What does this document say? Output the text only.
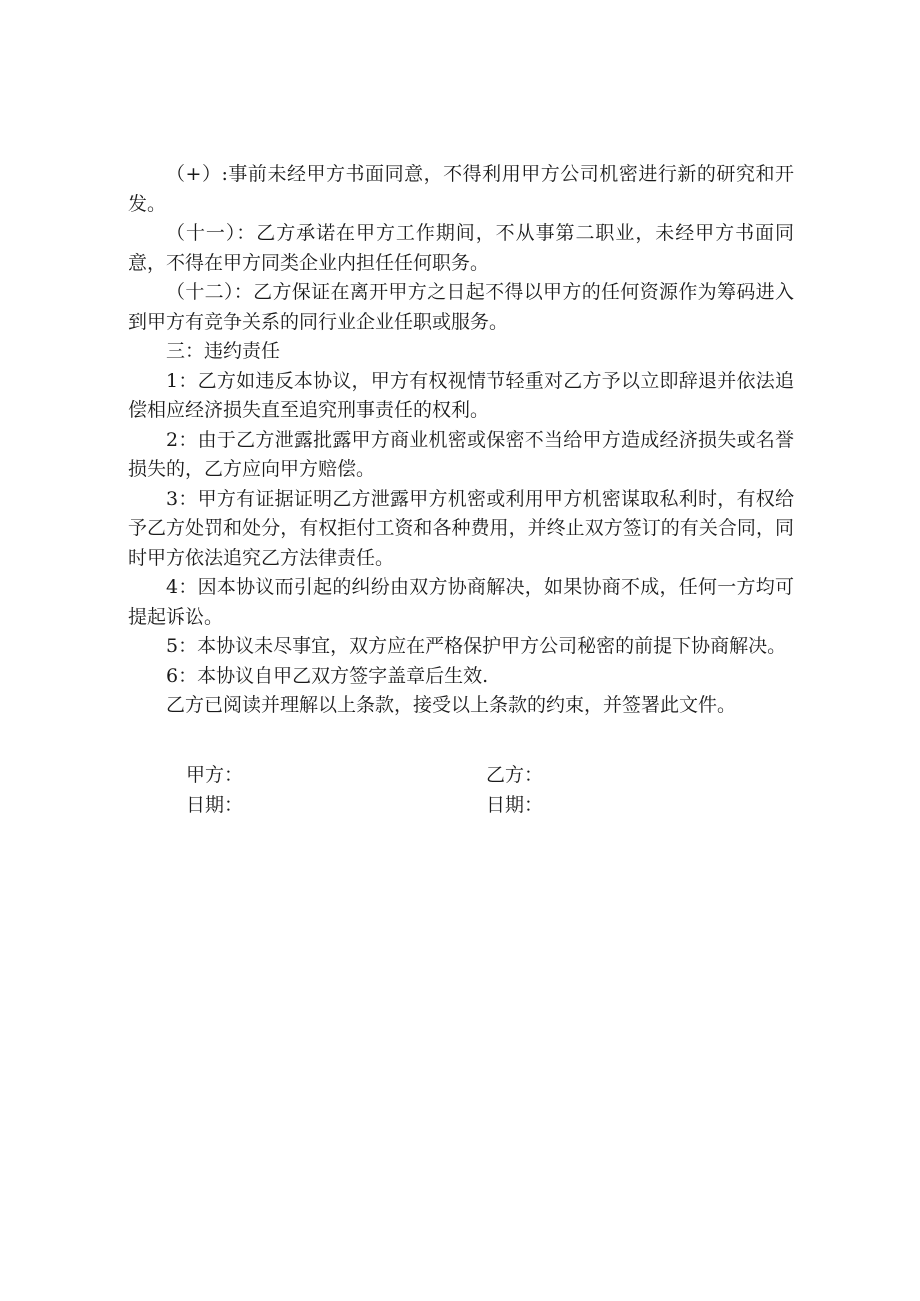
（+）:事前未经甲方书面同意，不得利用甲方公司机密进行新的研究和开发。

（十一）：乙方承诺在甲方工作期间，不从事第二职业，未经甲方书面同意，不得在甲方同类企业内担任任何职务。

（十二）：乙方保证在离开甲方之日起不得以甲方的任何资源作为筹码进入到甲方有竞争关系的同行业企业任职或服务。

三：违约责任

1：乙方如违反本协议，甲方有权视情节轻重对乙方予以立即辞退并依法追偿相应经济损失直至追究刑事责任的权利。

2：由于乙方泄露批露甲方商业机密或保密不当给甲方造成经济损失或名誉损失的，乙方应向甲方赔偿。

3：甲方有证据证明乙方泄露甲方机密或利用甲方机密谋取私利时，有权给予乙方处罚和处分，有权拒付工资和各种费用，并终止双方签订的有关合同，同时甲方依法追究乙方法律责任。

4：因本协议而引起的纠纷由双方协商解决，如果协商不成，任何一方均可提起诉讼。

5：本协议未尽事宜，双方应在严格保护甲方公司秘密的前提下协商解决。

6：本协议自甲乙双方签字盖章后生效.

乙方已阅读并理解以上条款，接受以上条款的约束，并签署此文件。

甲方：	乙方：
日期：	日期：
